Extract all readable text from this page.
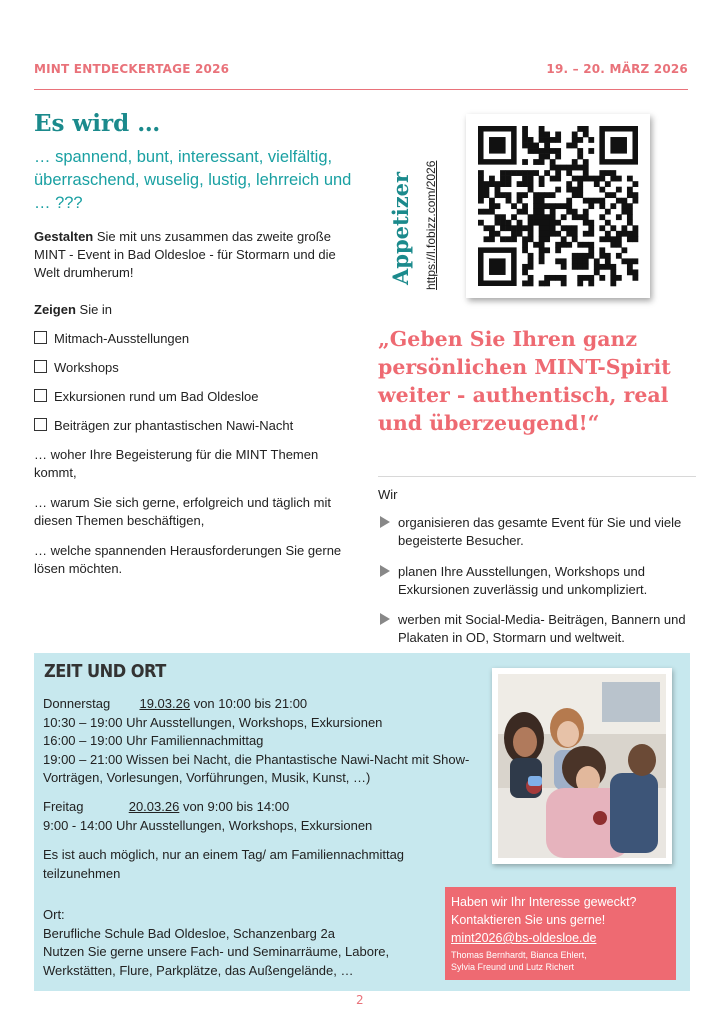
MINT ENTDECKERTAGE 2026	19. – 20. MÄRZ 2026
Es wird …
… spannend, bunt, interessant, vielfältig, überraschend, wuselig, lustig, lehrreich und … ???
Gestalten Sie mit uns zusammen das zweite große MINT - Event in Bad Oldesloe - für Stormarn und die Welt drumherum!
Zeigen Sie in
Mitmach-Ausstellungen
Workshops
Exkursionen rund um Bad Oldesloe
Beiträgen zur phantastischen Nawi-Nacht
… woher Ihre Begeisterung für die MINT Themen kommt,
… warum Sie sich gerne, erfolgreich und täglich mit diesen Themen beschäftigen,
… welche spannenden Herausforderungen Sie gerne lösen möchten.
Appetizer https://l.fobizz.com/2026
„Geben Sie Ihren ganz persönlichen MINT-Spirit weiter - authentisch, real und überzeugend!“
Wir
organisieren das gesamte Event für Sie und viele begeisterte Besucher.
planen Ihre Ausstellungen, Workshops und Exkursionen zuverlässig und unkompliziert.
werben mit Social-Media- Beiträgen, Bannern und Plakaten in OD, Stormarn und weltweit.
ZEIT UND ORT
Donnerstag 19.03.26 von 10:00 bis 21:00
10:30 – 19:00 Uhr Ausstellungen, Workshops, Exkursionen
16:00 – 19:00 Uhr Familiennachmittag
19:00 – 21:00 Wissen bei Nacht, die Phantastische Nawi-Nacht mit Show-Vorträgen, Vorlesungen, Vorführungen, Musik, Kunst, …)
Freitag	20.03.26 von 9:00 bis 14:00
9:00 - 14:00 Uhr Ausstellungen, Workshops, Exkursionen
Es ist auch möglich, nur an einem Tag/ am Familiennachmittag teilzunehmen
Ort:
Berufliche Schule Bad Oldesloe, Schanzenbarg 2a
Nutzen Sie gerne unsere Fach- und Seminarräume, Labore, Werkstätten, Flure, Parkplätze, das Außengelände, …
Haben wir Ihr Interesse geweckt?
Kontaktieren Sie uns gerne!
mint2026@bs-oldesloe.de
Thomas Bernhardt, Bianca Ehlert,
Sylvia Freund und Lutz Richert
2
